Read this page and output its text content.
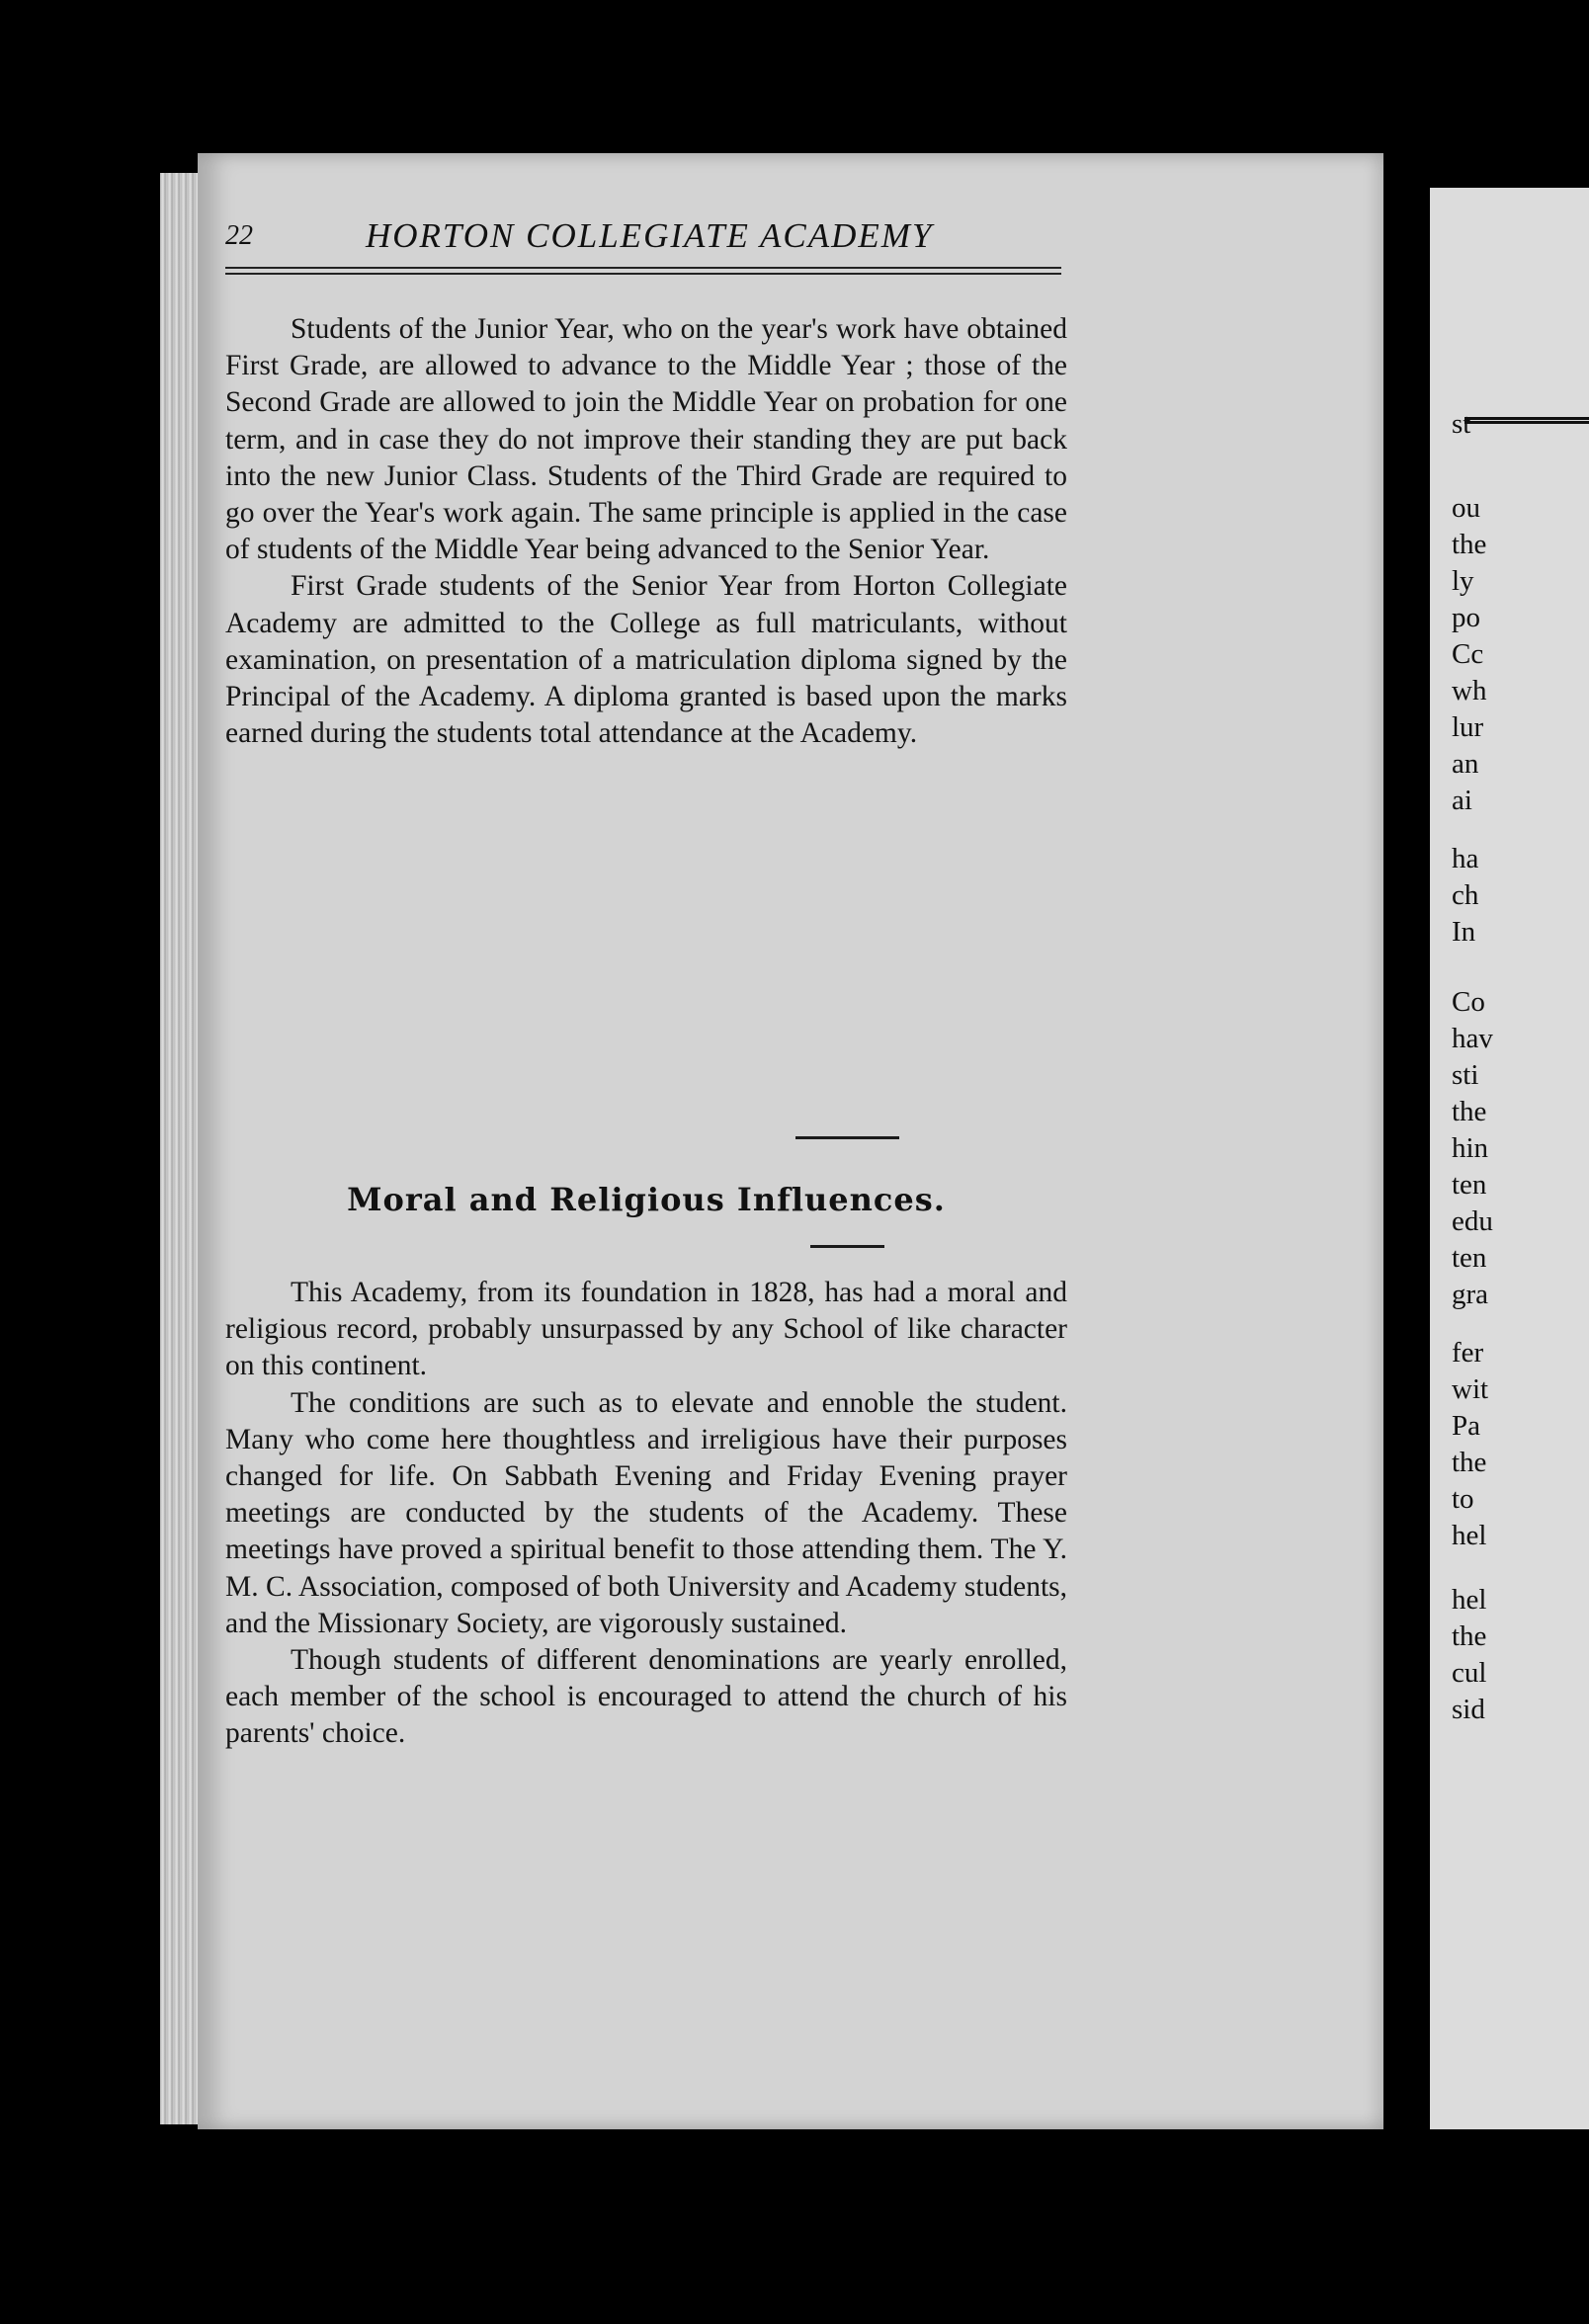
22	HORTON COLLEGIATE ACADEMY

Students of the Junior Year, who on the year's work have obtained First Grade, are allowed to advance to the Middle Year ; those of the Second Grade are allowed to join the Middle Year on probation for one term, and in case they do not improve their standing they are put back into the new Junior Class. Students of the Third Grade are required to go over the Year's work again. The same principle is applied in the case of students of the Middle Year being advanced to the Senior Year.

First Grade students of the Senior Year from Horton Collegiate Academy are admitted to the College as full matriculants, without examination, on presentation of a matriculation diploma signed by the Principal of the Academy. A diploma granted is based upon the marks earned during the students total attendance at the Academy.

Moral and Religious Influences.

This Academy, from its foundation in 1828, has had a moral and religious record, probably unsurpassed by any School of like character on this continent.

The conditions are such as to elevate and ennoble the student. Many who come here thoughtless and irreligious have their purposes changed for life. On Sabbath Evening and Friday Evening prayer meetings are conducted by the students of the Academy. These meetings have proved a spiritual benefit to those attending them. The Y. M. C. Association, composed of both University and Academy students, and the Missionary Society, are vigorously sustained.

Though students of different denominations are yearly enrolled, each member of the school is encouraged to attend the church of his parents' choice.

st
ou
the
ly
po
Cc
wh
lur
an
ai
ha
ch
In
Co
hav
sti
the
hin
ten
edu
ten
gra
fer
wit
Pa
the
to
hel
hel
the
cul
sid
